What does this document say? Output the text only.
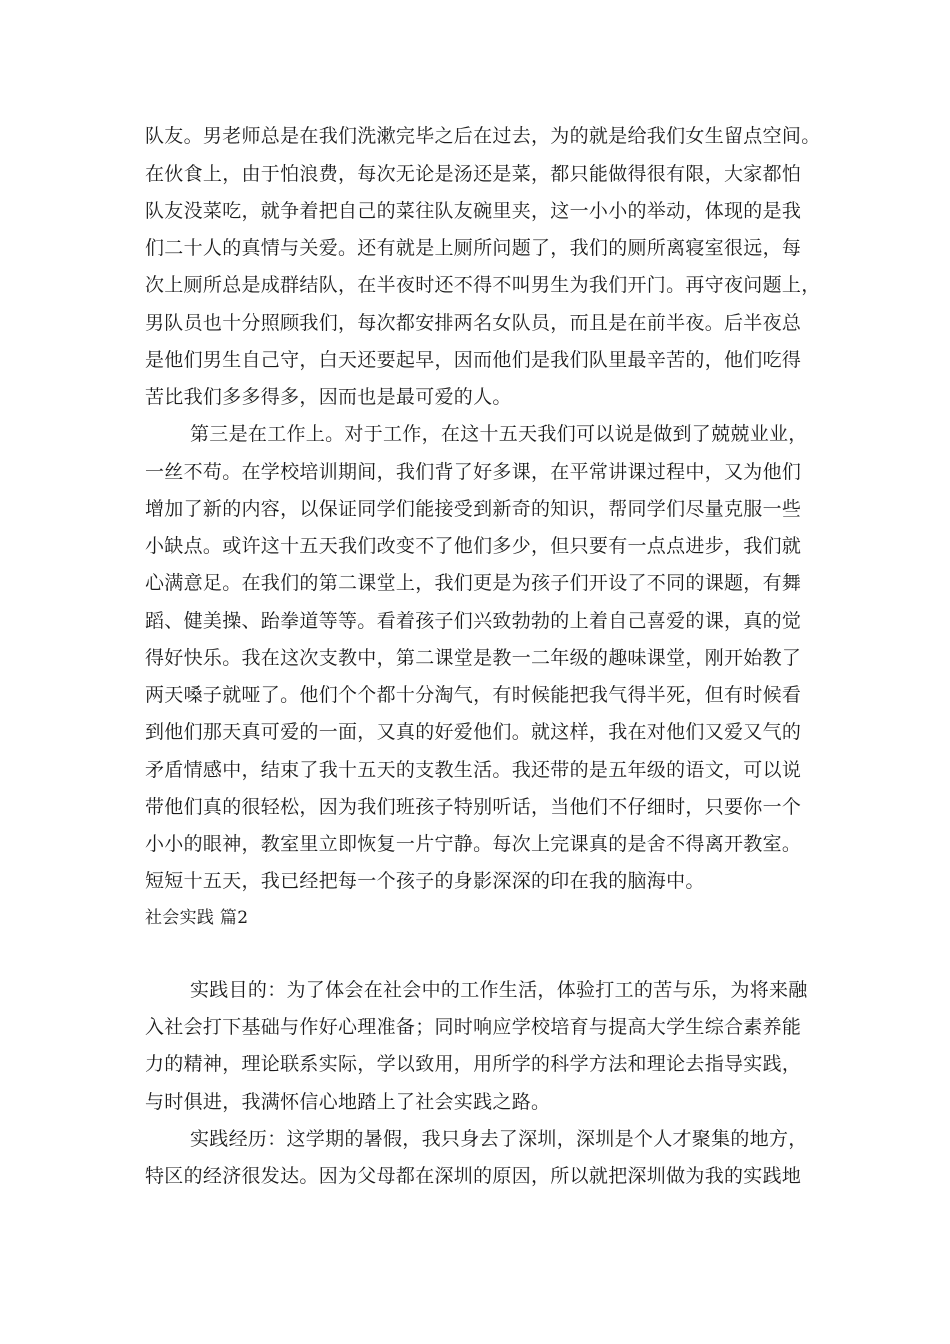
队友。男老师总是在我们洗漱完毕之后在过去，为的就是给我们女生留点空间。
在伙食上，由于怕浪费，每次无论是汤还是菜，都只能做得很有限，大家都怕
队友没菜吃，就争着把自己的菜往队友碗里夹，这一小小的举动，体现的是我
们二十人的真情与关爱。还有就是上厕所问题了，我们的厕所离寝室很远，每
次上厕所总是成群结队，在半夜时还不得不叫男生为我们开门。再守夜问题上，
男队员也十分照顾我们，每次都安排两名女队员，而且是在前半夜。后半夜总
是他们男生自己守，白天还要起早，因而他们是我们队里最辛苦的，他们吃得
苦比我们多多得多，因而也是最可爱的人。
第三是在工作上。对于工作，在这十五天我们可以说是做到了兢兢业业，
一丝不苟。在学校培训期间，我们背了好多课，在平常讲课过程中，又为他们
增加了新的内容，以保证同学们能接受到新奇的知识，帮同学们尽量克服一些
小缺点。或许这十五天我们改变不了他们多少，但只要有一点点进步，我们就
心满意足。在我们的第二课堂上，我们更是为孩子们开设了不同的课题，有舞
蹈、健美操、跆拳道等等。看着孩子们兴致勃勃的上着自己喜爱的课，真的觉
得好快乐。我在这次支教中，第二课堂是教一二年级的趣味课堂，刚开始教了
两天嗓子就哑了。他们个个都十分淘气，有时候能把我气得半死，但有时候看
到他们那天真可爱的一面，又真的好爱他们。就这样，我在对他们又爱又气的
矛盾情感中，结束了我十五天的支教生活。我还带的是五年级的语文，可以说
带他们真的很轻松，因为我们班孩子特别听话，当他们不仔细时，只要你一个
小小的眼神，教室里立即恢复一片宁静。每次上完课真的是舍不得离开教室。
短短十五天，我已经把每一个孩子的身影深深的印在我的脑海中。
社会实践 篇2
实践目的：为了体会在社会中的工作生活，体验打工的苦与乐，为将来融
入社会打下基础与作好心理准备；同时响应学校培育与提高大学生综合素养能
力的精神，理论联系实际，学以致用，用所学的科学方法和理论去指导实践，
与时俱进，我满怀信心地踏上了社会实践之路。
实践经历：这学期的暑假，我只身去了深圳，深圳是个人才聚集的地方，
特区的经济很发达。因为父母都在深圳的原因，所以就把深圳做为我的实践地
